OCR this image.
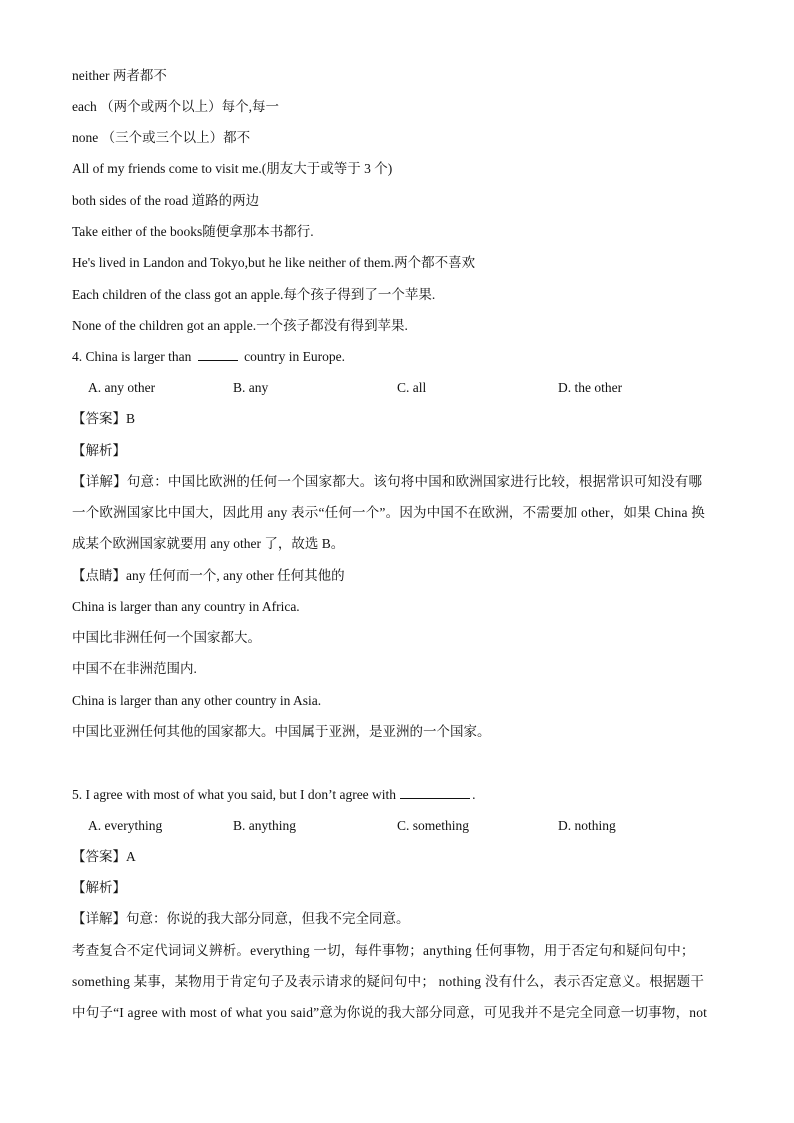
neither 两者都不
each （两个或两个以上）每个,每一
none （三个或三个以上）都不
All of my friends come to visit me.(朋友大于或等于 3 个)
both sides of the road 道路的两边
Take either of the books随便拿那本书都行.
He's lived in Landon and Tokyo,but he like neither of them.两个都不喜欢
Each children of the class got an apple.每个孩子得到了一个苹果.
None of the children got an apple.一个孩子都没有得到苹果.
4. China is larger than	country in Europe.
A. any other	B. any	C. all	D. the other
【答案】B
【解析】
【详解】句意：中国比欧洲的任何一个国家都大。该句将中国和欧洲国家进行比较，根据常识可知没有哪
一个欧洲国家比中国大，因此用 any 表示“任何一个”。因为中国不在欧洲，不需要加 other，如果 China 换
成某个欧洲国家就要用 any other 了，故选 B。
【点睛】any 任何而一个, any other 任何其他的
China is larger than any country in Africa.
中国比非洲任何一个国家都大。
中国不在非洲范围内.
China is larger than any other country in Asia.
中国比亚洲任何其他的国家都大。中国属于亚洲，是亚洲的一个国家。
5. I agree with most of what you said, but I don’t agree with	.
A. everything	B. anything	C. something	D. nothing
【答案】A
【解析】
【详解】句意：你说的我大部分同意，但我不完全同意。
考查复合不定代词词义辨析。everything 一切，每件事物；anything 任何事物，用于否定句和疑问句中；
something 某事，某物用于肯定句子及表示请求的疑问句中； nothing 没有什么，表示否定意义。根据题干
中句子“I agree with most of what you said”意为你说的我大部分同意，可见我并不是完全同意一切事物，not
